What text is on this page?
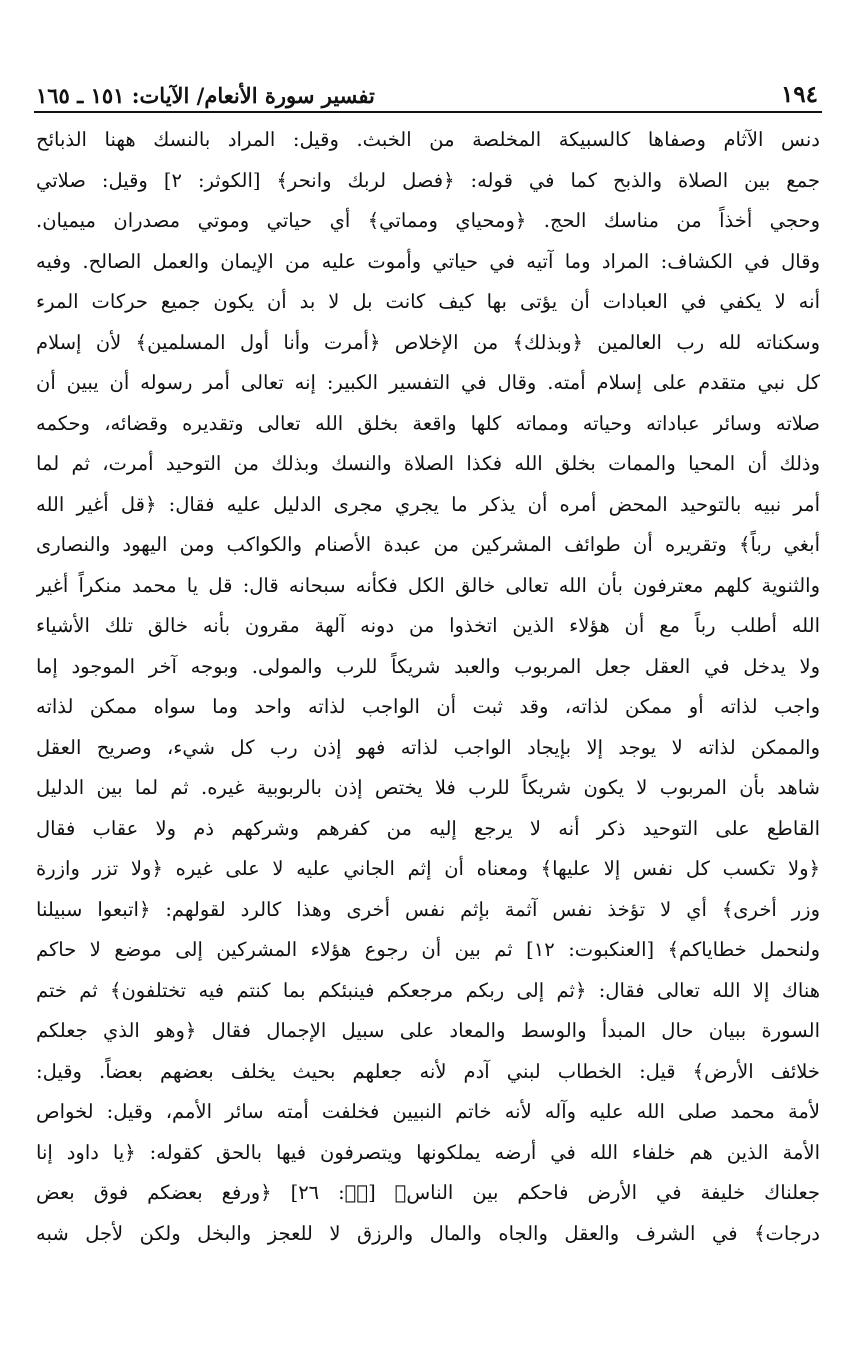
تفسير سورة الأنعام/ الآيات: ١٥١ ـ ١٦٥	١٩٤
دنس الآثام وصفاها كالسبيكة المخلصة من الخبث. وقيل: المراد بالنسك ههنا الذبائح
جمع بين الصلاة والذبح كما في قوله: ﴿فصل لربك وانحر﴾ [الكوثر: ٢] وقيل: صلاتي
وحجي أخذاً من مناسك الحج. ﴿ومحياي ومماتي﴾ أي حياتي وموتي مصدران ميميان.
وقال في الكشاف: المراد وما آتيه في حياتي وأموت عليه من الإيمان والعمل الصالح. وفيه
أنه لا يكفي في العبادات أن يؤتى بها كيف كانت بل لا بد أن يكون جميع حركات المرء
وسكناته لله رب العالمين ﴿وبذلك﴾ من الإخلاص ﴿أمرت وأنا أول المسلمين﴾ لأن إسلام
كل نبي متقدم على إسلام أمته. وقال في التفسير الكبير: إنه تعالى أمر رسوله أن يبين أن
صلاته وسائر عباداته وحياته ومماته كلها واقعة بخلق الله تعالى وتقديره وقضائه، وحكمه
وذلك أن المحيا والممات بخلق الله فكذا الصلاة والنسك وبذلك من التوحيد أمرت، ثم لما
أمر نبيه بالتوحيد المحض أمره أن يذكر ما يجري مجرى الدليل عليه فقال: ﴿قل أغير الله
أبغي رباً﴾ وتقريره أن طوائف المشركين من عبدة الأصنام والكواكب ومن اليهود والنصارى
والثنوية كلهم معترفون بأن الله تعالى خالق الكل فكأنه سبحانه قال: قل يا محمد منكراً أغير
الله أطلب رباً مع أن هؤلاء الذين اتخذوا من دونه آلهة مقرون بأنه خالق تلك الأشياء
ولا يدخل في العقل جعل المربوب والعبد شريكاً للرب والمولى. وبوجه آخر الموجود إما
واجب لذاته أو ممكن لذاته، وقد ثبت أن الواجب لذاته واحد وما سواه ممكن لذاته
والممكن لذاته لا يوجد إلا بإيجاد الواجب لذاته فهو إذن رب كل شيء، وصريح العقل
شاهد بأن المربوب لا يكون شريكاً للرب فلا يختص إذن بالربوبية غيره. ثم لما بين الدليل
القاطع على التوحيد ذكر أنه لا يرجع إليه من كفرهم وشركهم ذم ولا عقاب فقال
﴿ولا تكسب كل نفس إلا عليها﴾ ومعناه أن إثم الجاني عليه لا على غيره ﴿ولا تزر وازرة
وزر أخرى﴾ أي لا تؤخذ نفس آثمة بإثم نفس أخرى وهذا كالرد لقولهم: ﴿اتبعوا سبيلنا
ولنحمل خطاياكم﴾ [العنكبوت: ١٢] ثم بين أن رجوع هؤلاء المشركين إلى موضع لا حاكم
هناك إلا الله تعالى فقال: ﴿ثم إلى ربكم مرجعكم فينبئكم بما كنتم فيه تختلفون﴾ ثم ختم
السورة ببيان حال المبدأ والوسط والمعاد على سبيل الإجمال فقال ﴿وهو الذي جعلكم
خلائف الأرض﴾ قيل: الخطاب لبني آدم لأنه جعلهم بحيث يخلف بعضهم بعضاً. وقيل:
لأمة محمد صلى الله عليه وآله لأنه خاتم النبيين فخلفت أمته سائر الأمم، وقيل: لخواص
الأمة الذين هم خلفاء الله في أرضه يملكونها ويتصرفون فيها بالحق كقوله: ﴿يا داود إنا
جعلناك خليفة في الأرض فاحكم بين الناس﴾ [صۤ: ٢٦] ﴿ورفع بعضكم فوق بعض
درجات﴾ في الشرف والعقل والجاه والمال والرزق لا للعجز والبخل ولكن لأجل شبه
